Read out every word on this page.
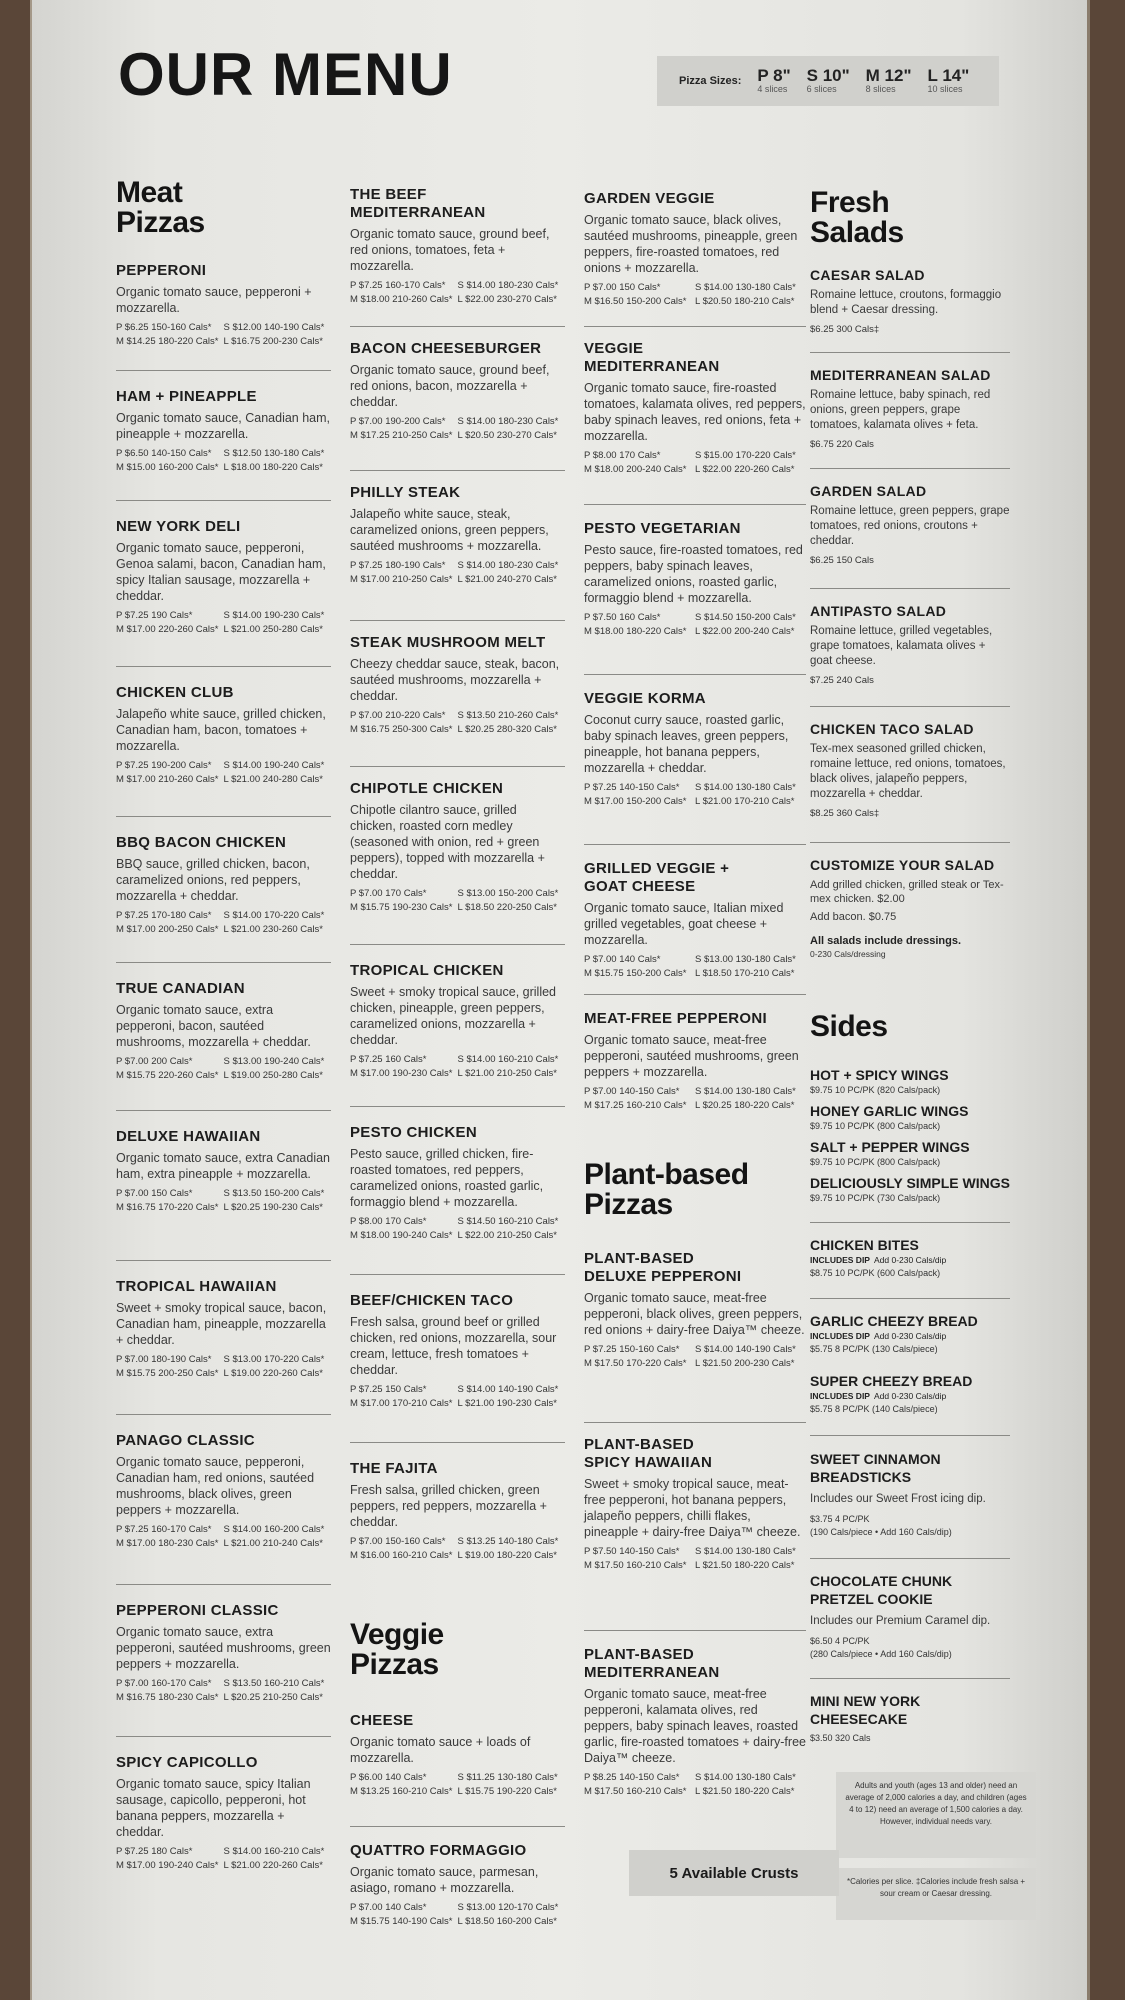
OUR MENU	Pizza Sizes: P 8"
4 slices
S 10"
6 slices
M 12"
8 slices
L 14"
10 slices
Meat Pizzas
PEPPERONI
Organic tomato sauce, pepperoni + mozzarella.
P $6.25 150-160 Cals* S $12.00 140-190 Cals*
M $14.25 180-220 Cals* L $16.75 200-230 Cals*
HAM + PINEAPPLE
Organic tomato sauce, Canadian ham, pineapple + mozzarella.
P $6.50 140-150 Cals* S $12.50 130-180 Cals*
M $15.00 160-200 Cals* L $18.00 180-220 Cals*
NEW YORK DELI
Organic tomato sauce, pepperoni, Genoa salami, bacon, Canadian ham, spicy Italian sausage, mozzarella + cheddar.
P $7.25 190 Cals*	S $14.00 190-230 Cals*
M $17.00 220-260 Cals* L $21.00 250-280 Cals*
CHICKEN CLUB
Jalapeño white sauce, grilled chicken, Canadian ham, bacon, tomatoes + mozzarella.
P $7.25 190-200 Cals* S $14.00 190-240 Cals*
M $17.00 210-260 Cals* L $21.00 240-280 Cals*
BBQ BACON CHICKEN
BBQ sauce, grilled chicken, bacon, caramelized onions, red peppers, mozzarella + cheddar.
P $7.25 170-180 Cals* S $14.00 170-220 Cals*
M $17.00 200-250 Cals* L $21.00 230-260 Cals*
TRUE CANADIAN
Organic tomato sauce, extra pepperoni, bacon, sautéed mushrooms, mozzarella + cheddar.
P $7.00 200 Cals*	S $13.00 190-240 Cals*
M $15.75 220-260 Cals* L $19.00 250-280 Cals*
DELUXE HAWAIIAN
Organic tomato sauce, extra Canadian ham, extra pineapple + mozzarella.
P $7.00 150 Cals*	S $13.50 150-200 Cals*
M $16.75 170-220 Cals* L $20.25 190-230 Cals*
TROPICAL HAWAIIAN
Sweet + smoky tropical sauce, bacon, Canadian ham, pineapple, mozzarella + cheddar.
P $7.00 180-190 Cals* S $13.00 170-220 Cals*
M $15.75 200-250 Cals* L $19.00 220-260 Cals*
PANAGO CLASSIC
Organic tomato sauce, pepperoni, Canadian ham, red onions, sautéed mushrooms, black olives, green peppers + mozzarella.
P $7.25 160-170 Cals* S $14.00 160-200 Cals*
M $17.00 180-230 Cals* L $21.00 210-240 Cals*
PEPPERONI CLASSIC
Organic tomato sauce, extra pepperoni, sautéed mushrooms, green peppers + mozzarella.
P $7.00 160-170 Cals* S $13.50 160-210 Cals*
M $16.75 180-230 Cals* L $20.25 210-250 Cals*
SPICY CAPICOLLO
Organic tomato sauce, spicy Italian sausage, capicollo, pepperoni, hot banana peppers, mozzarella + cheddar.
P $7.25 180 Cals*	S $14.00 160-210 Cals*
M $17.00 190-240 Cals* L $21.00 220-260 Cals*
THE BEEF MEDITERRANEAN
Organic tomato sauce, ground beef, red onions, tomatoes, feta + mozzarella.
P $7.25 160-170 Cals* S $14.00 180-230 Cals*
M $18.00 210-260 Cals* L $22.00 230-270 Cals*
BACON CHEESEBURGER
Organic tomato sauce, ground beef, red onions, bacon, mozzarella + cheddar.
P $7.00 190-200 Cals* S $14.00 180-230 Cals*
M $17.25 210-250 Cals* L $20.50 230-270 Cals*
PHILLY STEAK
Jalapeño white sauce, steak, caramelized onions, green peppers, sautéed mushrooms + mozzarella.
P $7.25 180-190 Cals* S $14.00 180-230 Cals*
M $17.00 210-250 Cals* L $21.00 240-270 Cals*
STEAK MUSHROOM MELT
Cheezy cheddar sauce, steak, bacon, sautéed mushrooms, mozzarella + cheddar.
P $7.00 210-220 Cals* S $13.50 210-260 Cals*
M $16.75 250-300 Cals* L $20.25 280-320 Cals*
CHIPOTLE CHICKEN
Chipotle cilantro sauce, grilled chicken, roasted corn medley (seasoned with onion, red + green peppers), topped with mozzarella + cheddar.
P $7.00 170 Cals*	S $13.00 150-200 Cals*
M $15.75 190-230 Cals* L $18.50 220-250 Cals*
TROPICAL CHICKEN
Sweet + smoky tropical sauce, grilled chicken, pineapple, green peppers, caramelized onions, mozzarella + cheddar.
P $7.25 160 Cals*	S $14.00 160-210 Cals*
M $17.00 190-230 Cals* L $21.00 210-250 Cals*
PESTO CHICKEN
Pesto sauce, grilled chicken, fire-roasted tomatoes, red peppers, caramelized onions, roasted garlic, formaggio blend + mozzarella.
P $8.00 170 Cals*	S $14.50 160-210 Cals*
M $18.00 190-240 Cals* L $22.00 210-250 Cals*
BEEF/CHICKEN TACO
Fresh salsa, ground beef or grilled chicken, red onions, mozzarella, sour cream, lettuce, fresh tomatoes + cheddar.
P $7.25 150 Cals*	S $14.00 140-190 Cals*
M $17.00 170-210 Cals* L $21.00 190-230 Cals*
THE FAJITA
Fresh salsa, grilled chicken, green peppers, red peppers, mozzarella + cheddar.
P $7.00 150-160 Cals* S $13.25 140-180 Cals*
M $16.00 160-210 Cals* L $19.00 180-220 Cals*
Veggie Pizzas
CHEESE
Organic tomato sauce + loads of mozzarella.
P $6.00 140 Cals*	S $11.25 130-180 Cals*
M $13.25 160-210 Cals* L $15.75 190-220 Cals*
QUATTRO FORMAGGIO
Organic tomato sauce, parmesan, asiago, romano + mozzarella.
P $7.00 140 Cals*	S $13.00 120-170 Cals*
M $15.75 140-190 Cals* L $18.50 160-200 Cals*
GARDEN VEGGIE
Organic tomato sauce, black olives, sautéed mushrooms, pineapple, green peppers, fire-roasted tomatoes, red onions + mozzarella.
P $7.00 150 Cals*	S $14.00 130-180 Cals*
M $16.50 150-200 Cals* L $20.50 180-210 Cals*
VEGGIE MEDITERRANEAN
Organic tomato sauce, fire-roasted tomatoes, kalamata olives, red peppers, baby spinach leaves, red onions, feta + mozzarella.
P $8.00 170 Cals*	S $15.00 170-220 Cals*
M $18.00 200-240 Cals* L $22.00 220-260 Cals*
PESTO VEGETARIAN
Pesto sauce, fire-roasted tomatoes, red peppers, baby spinach leaves, caramelized onions, roasted garlic, formaggio blend + mozzarella.
P $7.50 160 Cals*	S $14.50 150-200 Cals*
M $18.00 180-220 Cals* L $22.00 200-240 Cals*
VEGGIE KORMA
Coconut curry sauce, roasted garlic, baby spinach leaves, green peppers, pineapple, hot banana peppers, mozzarella + cheddar.
P $7.25 140-150 Cals* S $14.00 130-180 Cals*
M $17.00 150-200 Cals* L $21.00 170-210 Cals*
GRILLED VEGGIE + GOAT CHEESE
Organic tomato sauce, Italian mixed grilled vegetables, goat cheese + mozzarella.
P $7.00 140 Cals*	S $13.00 130-180 Cals*
M $15.75 150-200 Cals* L $18.50 170-210 Cals*
MEAT-FREE PEPPERONI
Organic tomato sauce, meat-free pepperoni, sautéed mushrooms, green peppers + mozzarella.
P $7.00 140-150 Cals* S $14.00 130-180 Cals*
M $17.25 160-210 Cals* L $20.25 180-220 Cals*
Plant-based Pizzas
PLANT-BASED DELUXE PEPPERONI
Organic tomato sauce, meat-free pepperoni, black olives, green peppers, red onions + dairy-free Daiya™ cheeze.
P $7.25 150-160 Cals* S $14.00 140-190 Cals*
M $17.50 170-220 Cals* L $21.50 200-230 Cals*
PLANT-BASED SPICY HAWAIIAN
Sweet + smoky tropical sauce, meat-free pepperoni, hot banana peppers, jalapeño peppers, chilli flakes, pineapple + dairy-free Daiya™ cheeze.
P $7.50 140-150 Cals* S $14.00 130-180 Cals*
M $17.50 160-210 Cals* L $21.50 180-220 Cals*
PLANT-BASED MEDITERRANEAN
Organic tomato sauce, meat-free pepperoni, kalamata olives, red peppers, baby spinach leaves, roasted garlic, fire-roasted tomatoes + dairy-free Daiya™ cheeze.
P $8.25 140-150 Cals* S $14.00 130-180 Cals*
M $17.50 160-210 Cals* L $21.50 180-220 Cals*
Fresh Salads
CAESAR SALAD
Romaine lettuce, croutons, formaggio blend + Caesar dressing.
$6.25 300 Cals‡
MEDITERRANEAN SALAD
Romaine lettuce, baby spinach, red onions, green peppers, grape tomatoes, kalamata olives + feta.
$6.75 220 Cals
GARDEN SALAD
Romaine lettuce, green peppers, grape tomatoes, red onions, croutons + cheddar.
$6.25 150 Cals
ANTIPASTO SALAD
Romaine lettuce, grilled vegetables, grape tomatoes, kalamata olives + goat cheese.
$7.25 240 Cals
CHICKEN TACO SALAD
Tex-mex seasoned grilled chicken, romaine lettuce, red onions, tomatoes, black olives, jalapeño peppers, mozzarella + cheddar.
$8.25 360 Cals‡
CUSTOMIZE YOUR SALAD
Add grilled chicken, grilled steak or Tex-mex chicken. $2.00
Add bacon. $0.75
All salads include dressings.
0-230 Cals/dressing
Sides
HOT + SPICY WINGS
$9.75 10 PC/PK (820 Cals/pack)
HONEY GARLIC WINGS
$9.75 10 PC/PK (800 Cals/pack)
SALT + PEPPER WINGS
$9.75 10 PC/PK (800 Cals/pack)
DELICIOUSLY SIMPLE WINGS
$9.75 10 PC/PK (730 Cals/pack)
CHICKEN BITES
INCLUDES DIP Add 0-230 Cals/dip
$8.75 10 PC/PK (600 Cals/pack)
GARLIC CHEEZY BREAD
INCLUDES DIP Add 0-230 Cals/dip
$5.75 8 PC/PK (130 Cals/piece)
SUPER CHEEZY BREAD
INCLUDES DIP Add 0-230 Cals/dip
$5.75 8 PC/PK (140 Cals/piece)
SWEET CINNAMON BREADSTICKS
Includes our Sweet Frost icing dip.
$3.75 4 PC/PK
(190 Cals/piece • Add 160 Cals/dip)
CHOCOLATE CHUNK PRETZEL COOKIE
Includes our Premium Caramel dip.
$6.50 4 PC/PK
(280 Cals/piece • Add 160 Cals/dip)
MINI NEW YORK CHEESECAKE
$3.50 320 Cals
Adults and youth (ages 13 and older) need an average of 2,000 calories a day, and children (ages 4 to 12) need an average of 1,500 calories a day. However, individual needs vary.
*Calories per slice. ‡Calories include fresh salsa + sour cream or Caesar dressing.
5 Available Crusts
